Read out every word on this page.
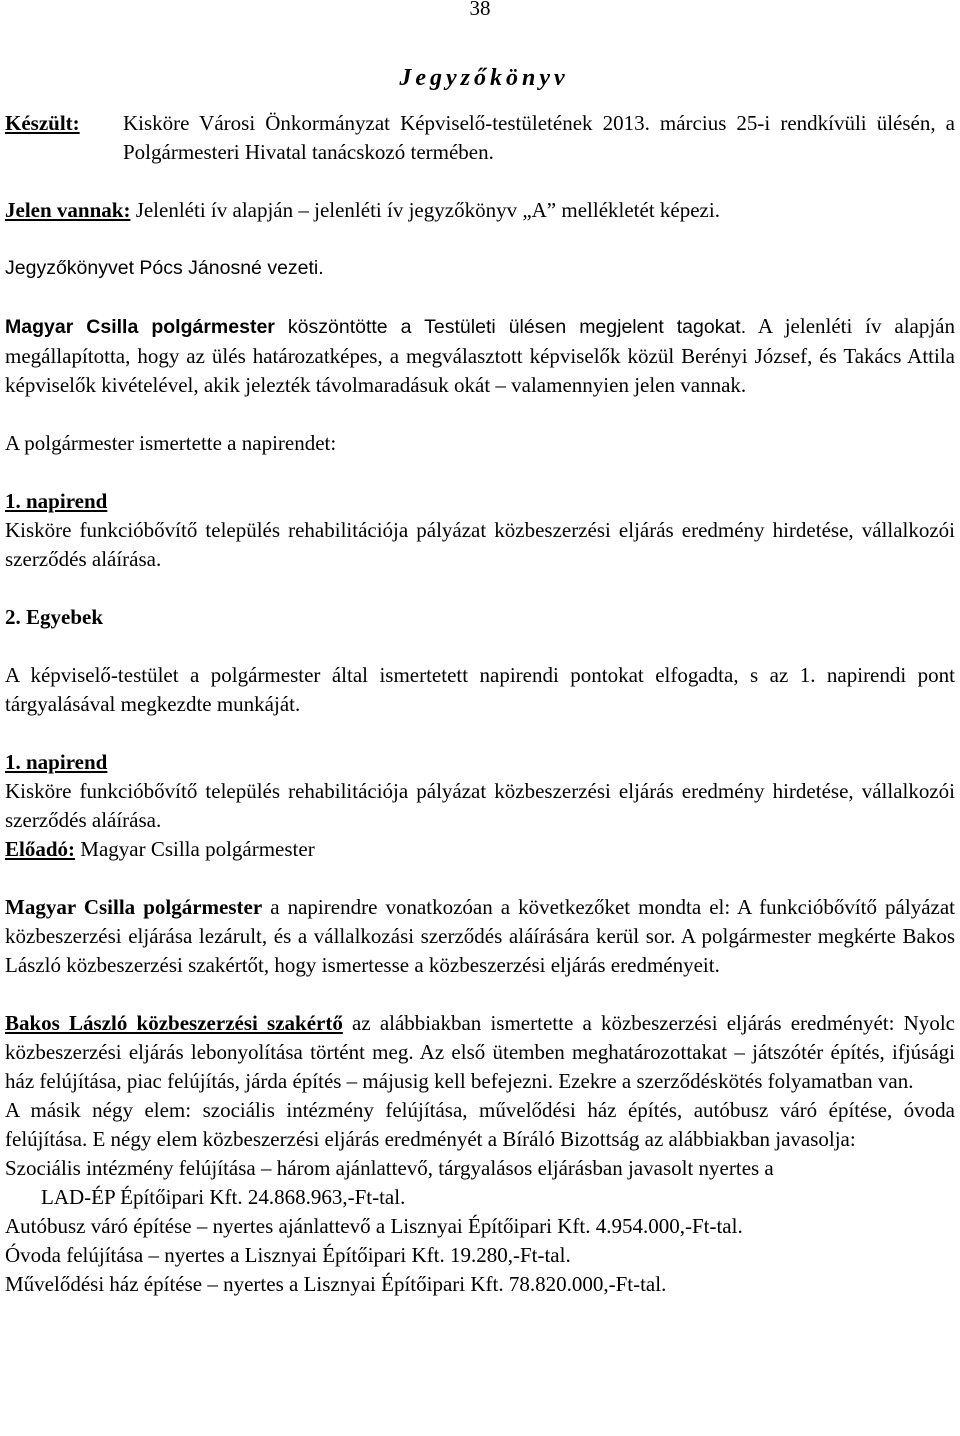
38
Jegyzőkönyv
Készült:	Kisköre Városi Önkormányzat Képviselő-testületének 2013. március 25-i rendkívüli ülésén, a Polgármesteri Hivatal tanácskozó termében.

Jelen vannak: Jelenléti ív alapján – jelenléti ív jegyzőkönyv „A” mellékletét képezi.

Jegyzőkönyvet Pócs Jánosné vezeti.

Magyar Csilla polgármester köszöntötte a Testületi ülésen megjelent tagokat. A jelenléti ív alapján megállapította, hogy az ülés határozatképes, a megválasztott képviselők közül Berényi József, és Takács Attila képviselők kivételével, akik jelezték távolmaradásuk okát – valamennyien jelen vannak.

A polgármester ismertette a napirendet:

1. napirend

Kisköre funkcióbővítő település rehabilitációja pályázat közbeszerzési eljárás eredmény hirdetése, vállalkozói szerződés aláírása.

2. Egyebek

A képviselő-testület a polgármester által ismertetett napirendi pontokat elfogadta, s az 1. napirendi pont tárgyalásával megkezdte munkáját.

1. napirend

Kisköre funkcióbővítő település rehabilitációja pályázat közbeszerzési eljárás eredmény hirdetése, vállalkozói szerződés aláírása.

Előadó: Magyar Csilla polgármester

Magyar Csilla polgármester a napirendre vonatkozóan a következőket mondta el: A funkcióbővítő pályázat közbeszerzési eljárása lezárult, és a vállalkozási szerződés aláírására kerül sor. A polgármester megkérte Bakos László közbeszerzési szakértőt, hogy ismertesse a közbeszerzési eljárás eredményeit.

Bakos László közbeszerzési szakértő az alábbiakban ismertette a közbeszerzési eljárás eredményét: Nyolc közbeszerzési eljárás lebonyolítása történt meg. Az első ütemben meghatározottakat – játszótér építés, ifjúsági ház felújítása, piac felújítás, járda építés – májusig kell befejezni. Ezekre a szerződéskötés folyamatban van.

A másik négy elem: szociális intézmény felújítása, művelődési ház építés, autóbusz váró építése, óvoda felújítása. E négy elem közbeszerzési eljárás eredményét a Bíráló Bizottság az alábbiakban javasolja:

Szociális intézmény felújítása – három ajánlattevő, tárgyalásos eljárásban javasolt nyertes a

LAD-ÉP Építőipari Kft. 24.868.963,-Ft-tal.

Autóbusz váró építése – nyertes ajánlattevő a Lisznyai Építőipari Kft. 4.954.000,-Ft-tal.

Óvoda felújítása – nyertes a Lisznyai Építőipari Kft. 19.280,-Ft-tal.

Művelődési ház építése – nyertes a Lisznyai Építőipari Kft. 78.820.000,-Ft-tal.
